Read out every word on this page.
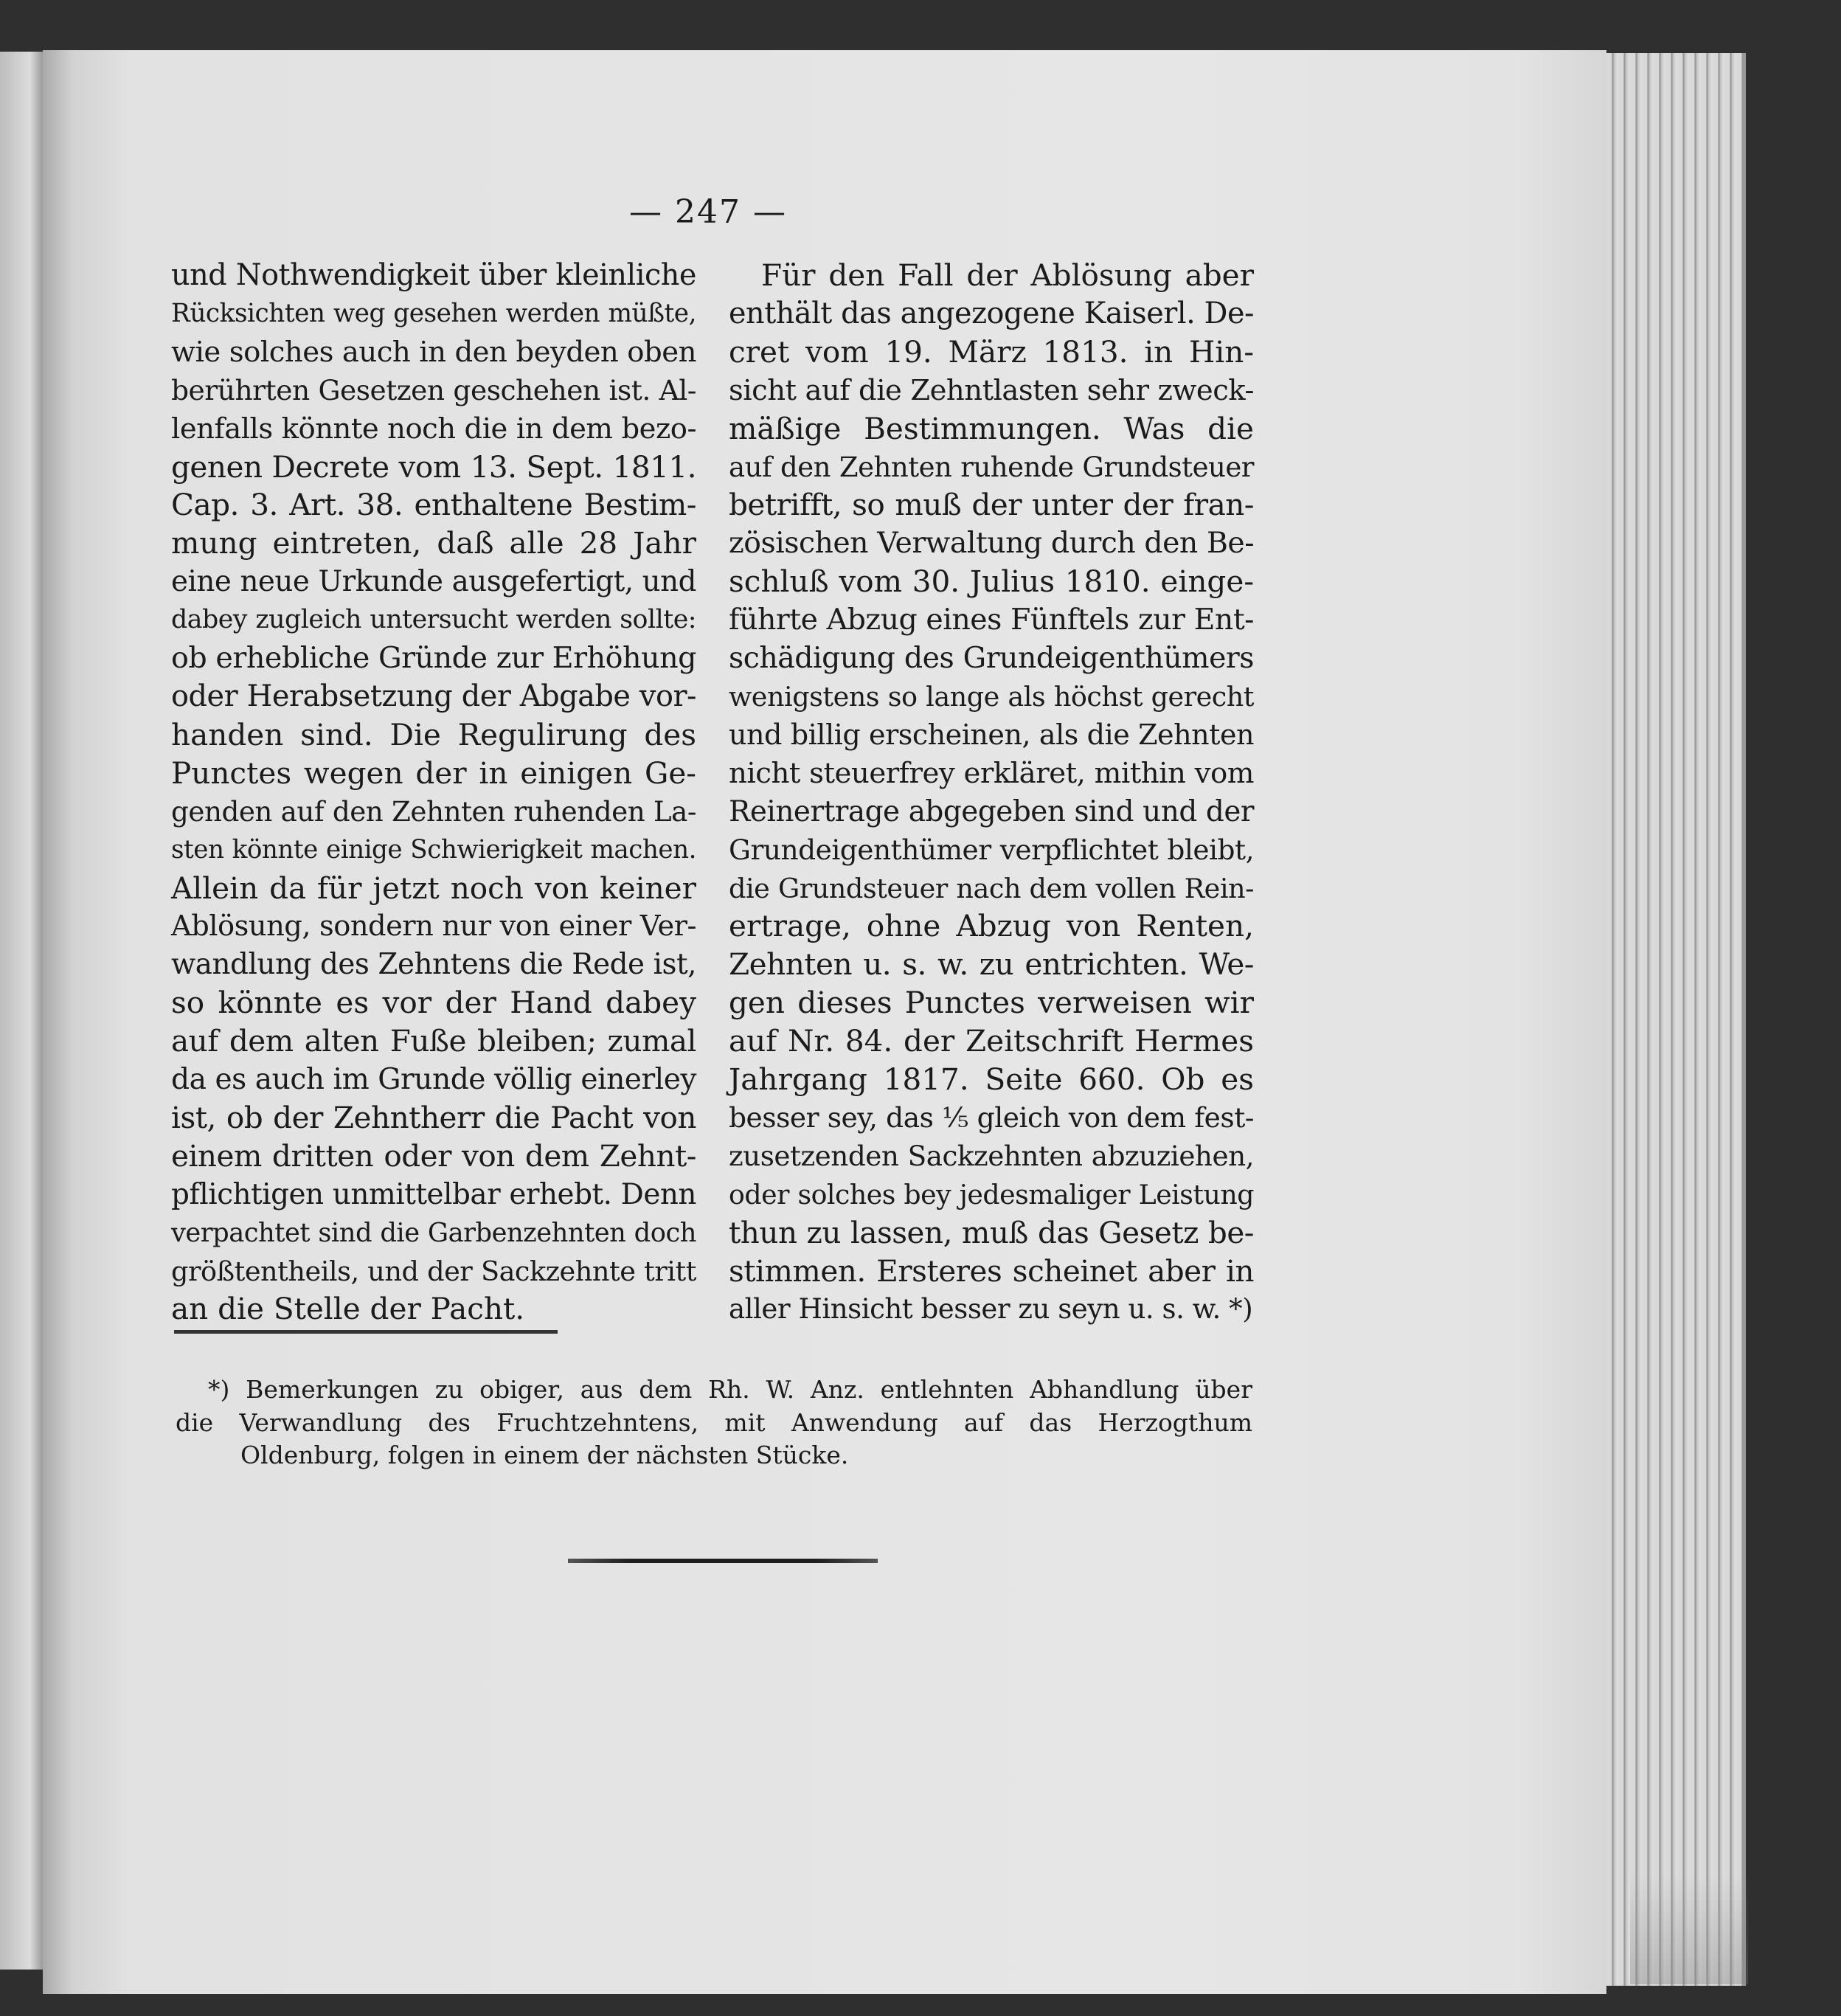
— 247 —
und Nothwendigkeit über kleinliche
Rücksichten weg gesehen werden müßte,
wie solches auch in den beyden oben
berührten Gesetzen geschehen ist. Al-
lenfalls könnte noch die in dem bezo-
genen Decrete vom 13. Sept. 1811.
Cap. 3. Art. 38. enthaltene Bestim-
mung eintreten, daß alle 28 Jahr
eine neue Urkunde ausgefertigt, und
dabey zugleich untersucht werden sollte:
ob erhebliche Gründe zur Erhöhung
oder Herabsetzung der Abgabe vor-
handen sind. Die Regulirung des
Punctes wegen der in einigen Ge-
genden auf den Zehnten ruhenden La-
sten könnte einige Schwierigkeit machen.
Allein da für jetzt noch von keiner
Ablösung, sondern nur von einer Ver-
wandlung des Zehntens die Rede ist,
so könnte es vor der Hand dabey
auf dem alten Fuße bleiben; zumal
da es auch im Grunde völlig einerley
ist, ob der Zehntherr die Pacht von
einem dritten oder von dem Zehnt-
pflichtigen unmittelbar erhebt. Denn
verpachtet sind die Garbenzehnten doch
größtentheils, und der Sackzehnte tritt
an die Stelle der Pacht.
Für den Fall der Ablösung aber
enthält das angezogene Kaiserl. De-
cret vom 19. März 1813. in Hin-
sicht auf die Zehntlasten sehr zweck-
mäßige Bestimmungen. Was die
auf den Zehnten ruhende Grundsteuer
betrifft, so muß der unter der fran-
zösischen Verwaltung durch den Be-
schluß vom 30. Julius 1810. einge-
führte Abzug eines Fünftels zur Ent-
schädigung des Grundeigenthümers
wenigstens so lange als höchst gerecht
und billig erscheinen, als die Zehnten
nicht steuerfrey erkläret, mithin vom
Reinertrage abgegeben sind und der
Grundeigenthümer verpflichtet bleibt,
die Grundsteuer nach dem vollen Rein-
ertrage, ohne Abzug von Renten,
Zehnten u. s. w. zu entrichten. We-
gen dieses Punctes verweisen wir
auf Nr. 84. der Zeitschrift Hermes
Jahrgang 1817. Seite 660. Ob es
besser sey, das ⅕ gleich von dem fest-
zusetzenden Sackzehnten abzuziehen,
oder solches bey jedesmaliger Leistung
thun zu lassen, muß das Gesetz be-
stimmen. Ersteres scheinet aber in
aller Hinsicht besser zu seyn u. s. w. *)
*) Bemerkungen zu obiger, aus dem Rh. W. Anz. entlehnten Abhandlung über
die Verwandlung des Fruchtzehntens, mit Anwendung auf das Herzogthum
Oldenburg, folgen in einem der nächsten Stücke.
